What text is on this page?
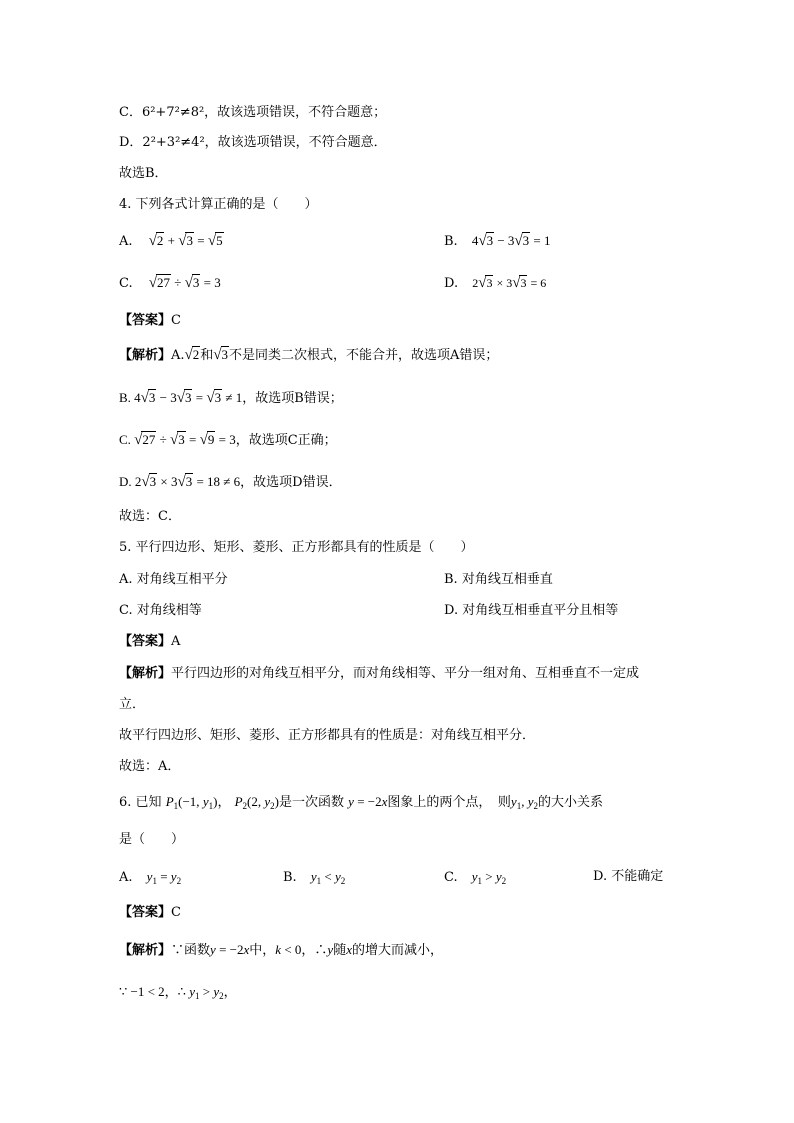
C．6²+7²≠8²，故该选项错误，不符合题意；
D．2²+3²≠4²，故该选项错误，不符合题意．
故选B．
4. 下列各式计算正确的是（　　）
A. √2 + √3 = √5	B. 4√3 − 3√3 = 1
C. √27 ÷ √3 = 3	D. 2√3 × 3√3 = 6
【答案】C
【解析】A.√2和√3不是同类二次根式，不能合并，故选项A错误；
B. 4√3 − 3√3 = √3 ≠ 1，故选项B错误；
C. √27 ÷ √3 = √9 = 3，故选项C正确；
D. 2√3 × 3√3 = 18 ≠ 6，故选项D错误．
故选：C．
5. 平行四边形、矩形、菱形、正方形都具有的性质是（　　）
A. 对角线互相平分	B. 对角线互相垂直
C. 对角线相等	D. 对角线互相垂直平分且相等
【答案】A
【解析】平行四边形的对角线互相平分，而对角线相等、平分一组对角、互相垂直不一定成
立．
故平行四边形、矩形、菱形、正方形都具有的性质是：对角线互相平分．
故选：A．
6. 已知 $P_1(-1$, $y_1$)， $P_2(2$, $y_2$)是一次函数 y = −2x图象上的两个点，　则$y_1$, $y_2$的大小关系
是（　　）
A. $y_1 = y_2$	B. $y_1 < y_2$	C. $y_1 > y_2$	D. 不能确定
【答案】C
【解析】∵函数y = −2x中，k < 0，∴y随x的增大而减小，
∵ −1 < 2，∴ $y_1 > y_2$，
